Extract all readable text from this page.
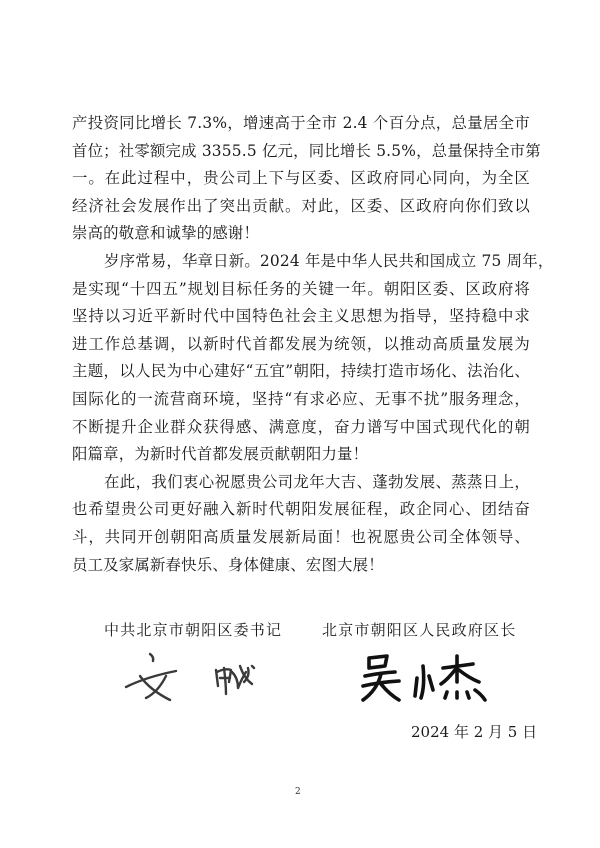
产投资同比增长 7.3%，增速高于全市 2.4 个百分点，总量居全市
首位；社零额完成 3355.5 亿元，同比增长 5.5%，总量保持全市第
一。在此过程中，贵公司上下与区委、区政府同心同向，为全区
经济社会发展作出了突出贡献。对此，区委、区政府向你们致以
崇高的敬意和诚挚的感谢！
岁序常易，华章日新。2024 年是中华人民共和国成立 75 周年，
是实现“十四五”规划目标任务的关键一年。朝阳区委、区政府将
坚持以习近平新时代中国特色社会主义思想为指导，坚持稳中求
进工作总基调，以新时代首都发展为统领，以推动高质量发展为
主题，以人民为中心建好“五宜”朝阳，持续打造市场化、法治化、
国际化的一流营商环境，坚持“有求必应、无事不扰”服务理念，
不断提升企业群众获得感、满意度，奋力谱写中国式现代化的朝
阳篇章，为新时代首都发展贡献朝阳力量！
在此，我们衷心祝愿贵公司龙年大吉、蓬勃发展、蒸蒸日上，
也希望贵公司更好融入新时代朝阳发展征程，政企同心、团结奋
斗，共同开创朝阳高质量发展新局面！也祝愿贵公司全体领导、
员工及家属新春快乐、身体健康、宏图大展！
中共北京市朝阳区委书记	北京市朝阳区人民政府区长
2024 年 2 月 5 日
2
